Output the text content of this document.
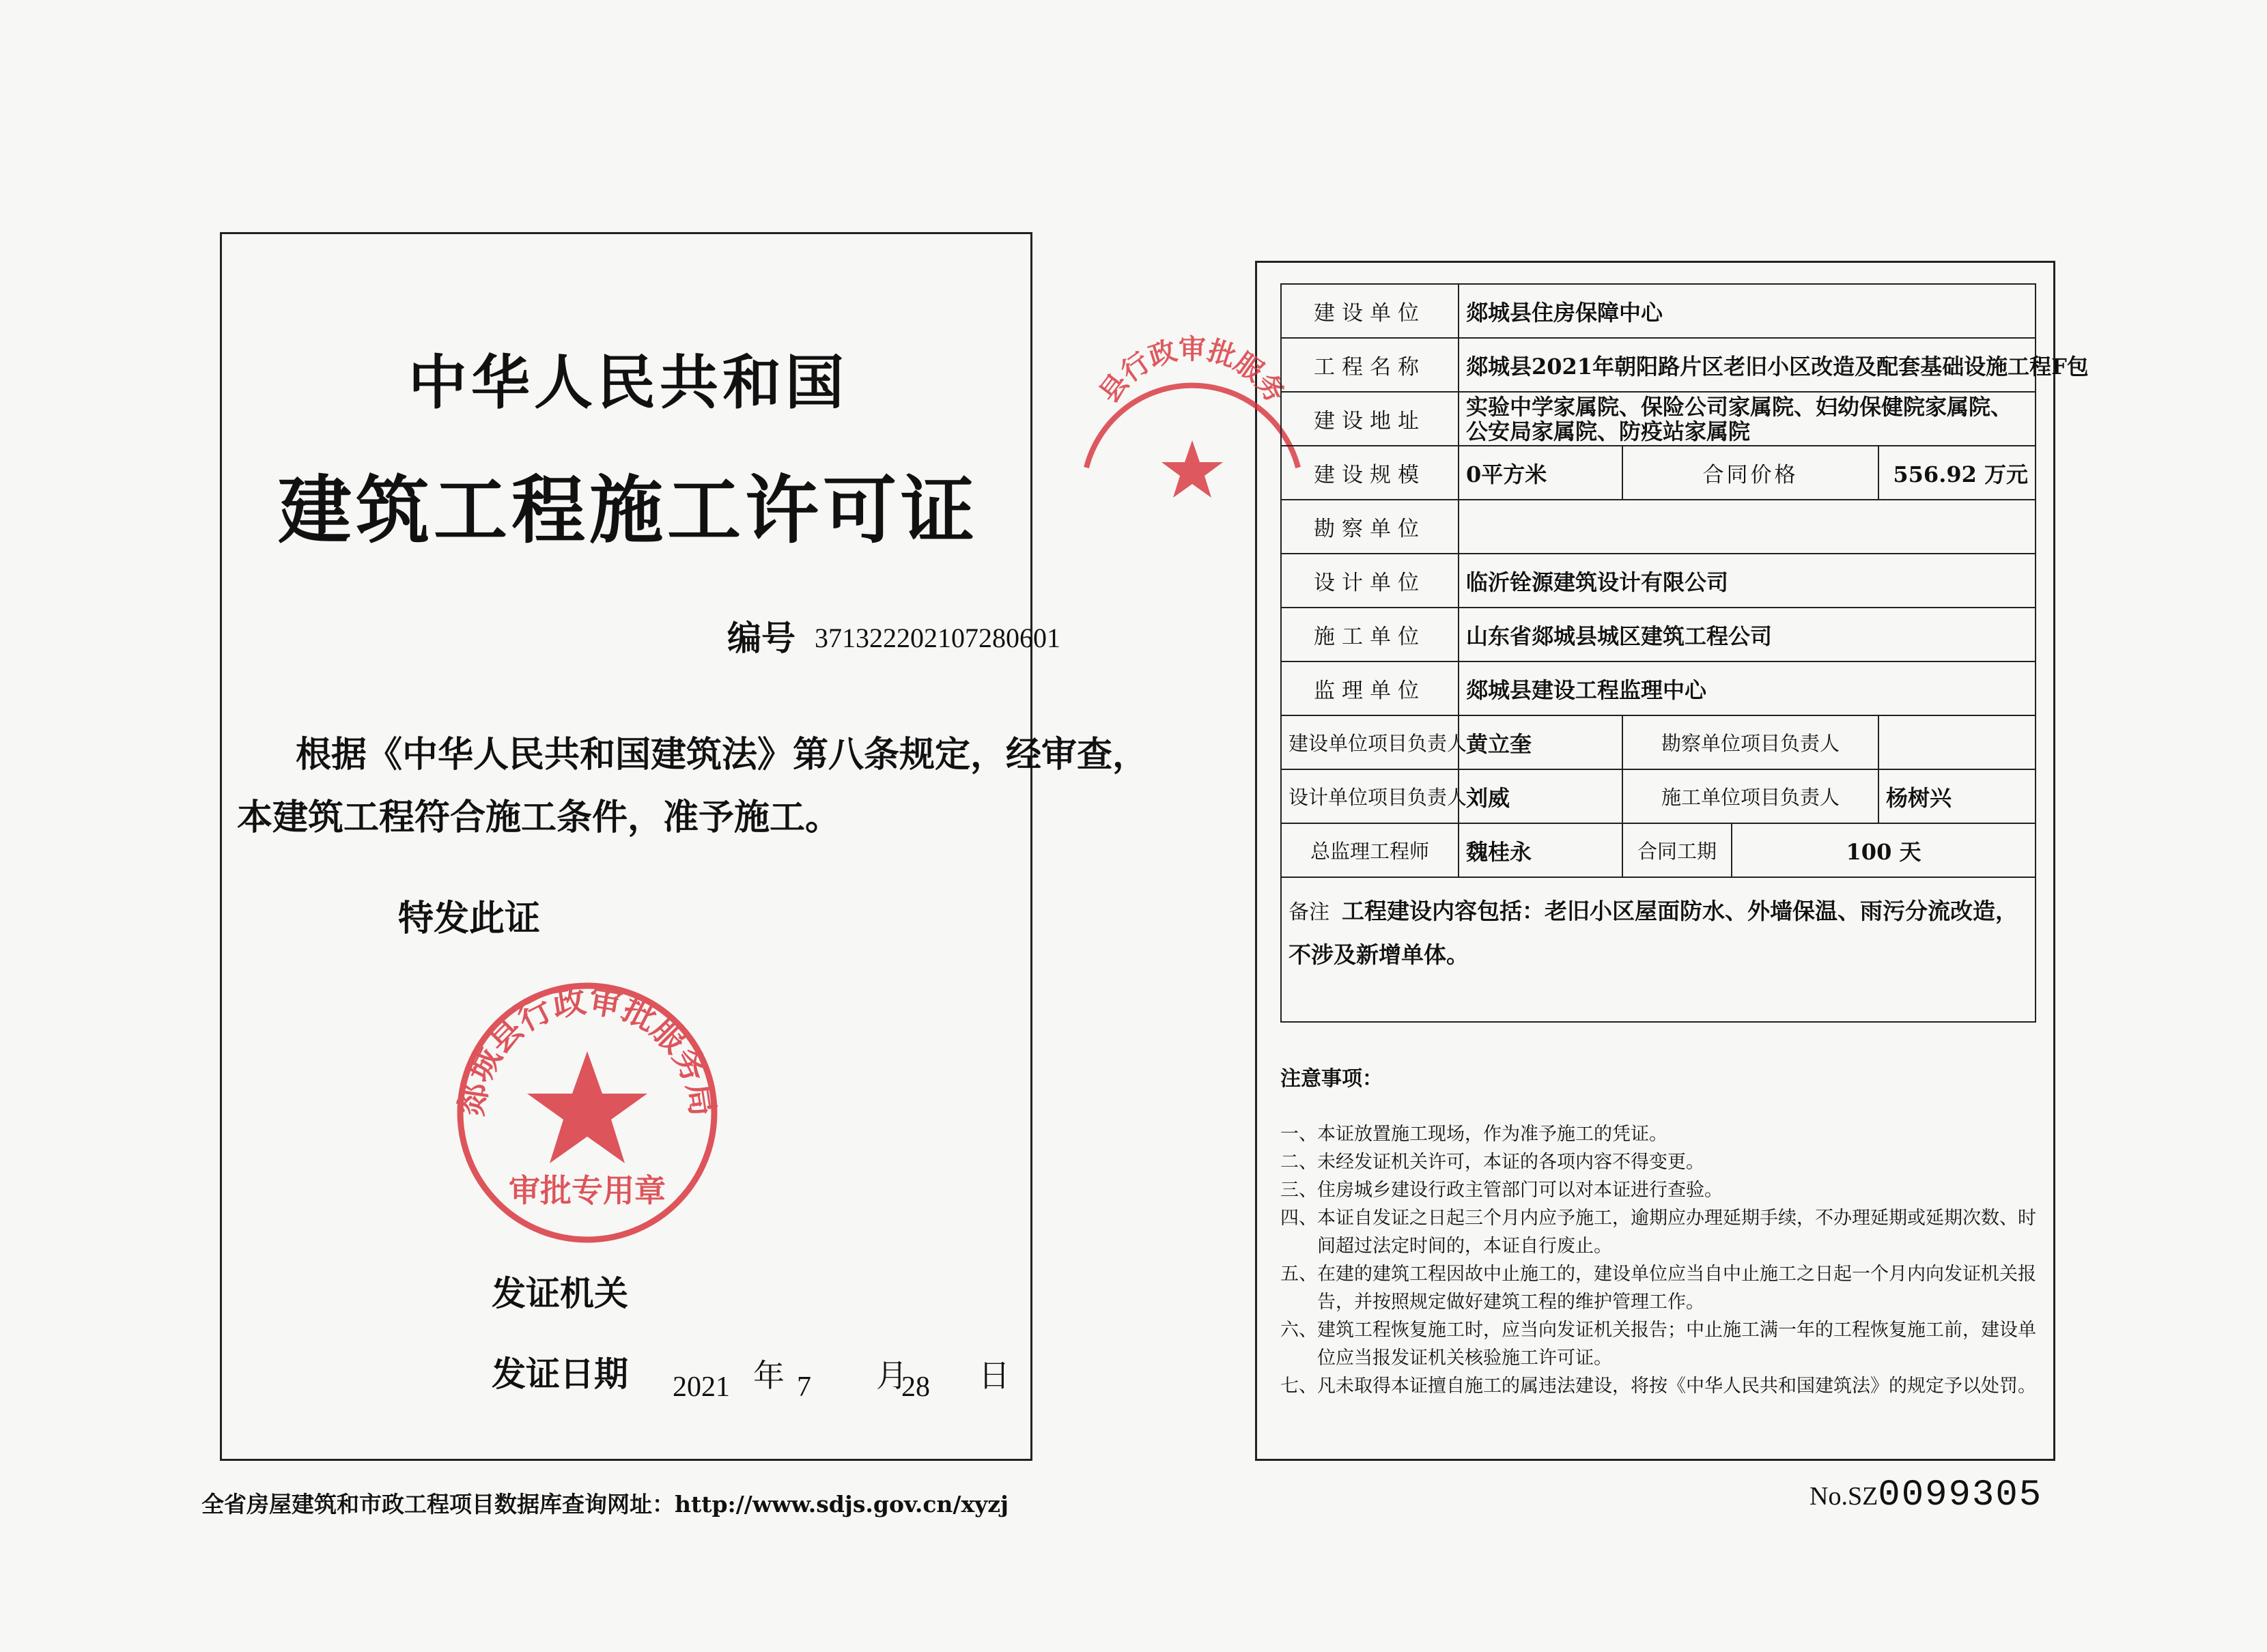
中华人民共和国
建筑工程施工许可证
编号 371322202107280601
根据《中华人民共和国建筑法》第八条规定，经审查，
本建筑工程符合施工条件，准予施工。
特发此证
发证机关
发证日期 2021 年 7 月
28 日
郯城县行政审批服务局
审批专用章
全省房屋建筑和市政工程项目数据库查询网址：http://www.sdjs.gov.cn/xyzj
县行政审批服务
建设单位	郯城县住房保障中心			
工程名称	郯城县2021年朝阳路片区老旧小区改造及配套基础设施工程F包			
建设地址	实验中学家属院、保险公司家属院、妇幼保健院家属院、公安局家属院、防疫站家属院			
建设规模	0平方米	合同价格		556.92 万元
勘察单位				
设计单位	临沂铨源建筑设计有限公司			
施工单位	山东省郯城县城区建筑工程公司			
监理单位	郯城县建设工程监理中心			
建设单位项目负责人	黄立奎	勘察单位项目负责人		
设计单位项目负责人	刘威	施工单位项目负责人		杨树兴
总监理工程师	魏桂永	合同工期	100 天	
备注 工程建设内容包括：老旧小区屋面防水、外墙保温、雨污分流改造，不涉及新增单体。				
注意事项：
一、本证放置施工现场，作为准予施工的凭证。
二、未经发证机关许可，本证的各项内容不得变更。
三、住房城乡建设行政主管部门可以对本证进行查验。
四、本证自发证之日起三个月内应予施工，逾期应办理延期手续，不办理延期或延期次数、时间超过法定时间的，本证自行废止。
五、在建的建筑工程因故中止施工的，建设单位应当自中止施工之日起一个月内向发证机关报告，并按照规定做好建筑工程的维护管理工作。
六、建筑工程恢复施工时，应当向发证机关报告；中止施工满一年的工程恢复施工前，建设单位应当报发证机关核验施工许可证。
七、凡未取得本证擅自施工的属违法建设，将按《中华人民共和国建筑法》的规定予以处罚。
No.SZ0099305
